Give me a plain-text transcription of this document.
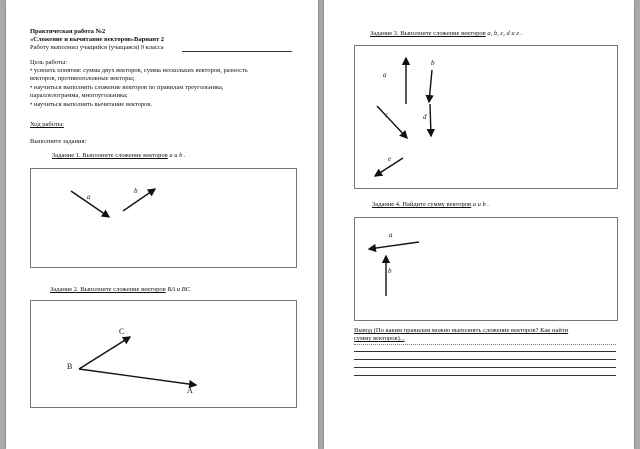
Практическая работа №2
«Сложение и вычитание векторов»Вариант 2
Работу выполнил учащийся (учащаяся) 9 класса
Цель работы:
• усвоить понятия: сумма двух векторов, сумма нескольких векторов, разность
векторов, противоположные векторы;
• научиться выполнять сложение векторов по правилам треугольника,
параллелограмма, многоугольника;
• научиться выполнять вычитание векторов.
Ход работы:
Выполните задания:
Задание 1. Выполните сложение векторов a и b .
a
b
Задание 2. Выполните сложение векторов BA и BC
B
C
A
Задание 3. Выполните сложение векторов a, b, c, d и e .
a
b
c	d
e
Задание 4. Найдите сумму векторов a и b .
a
b
Вывод (По каким правилам можно выполнять сложение векторов? Как найти
сумму векторов)...
